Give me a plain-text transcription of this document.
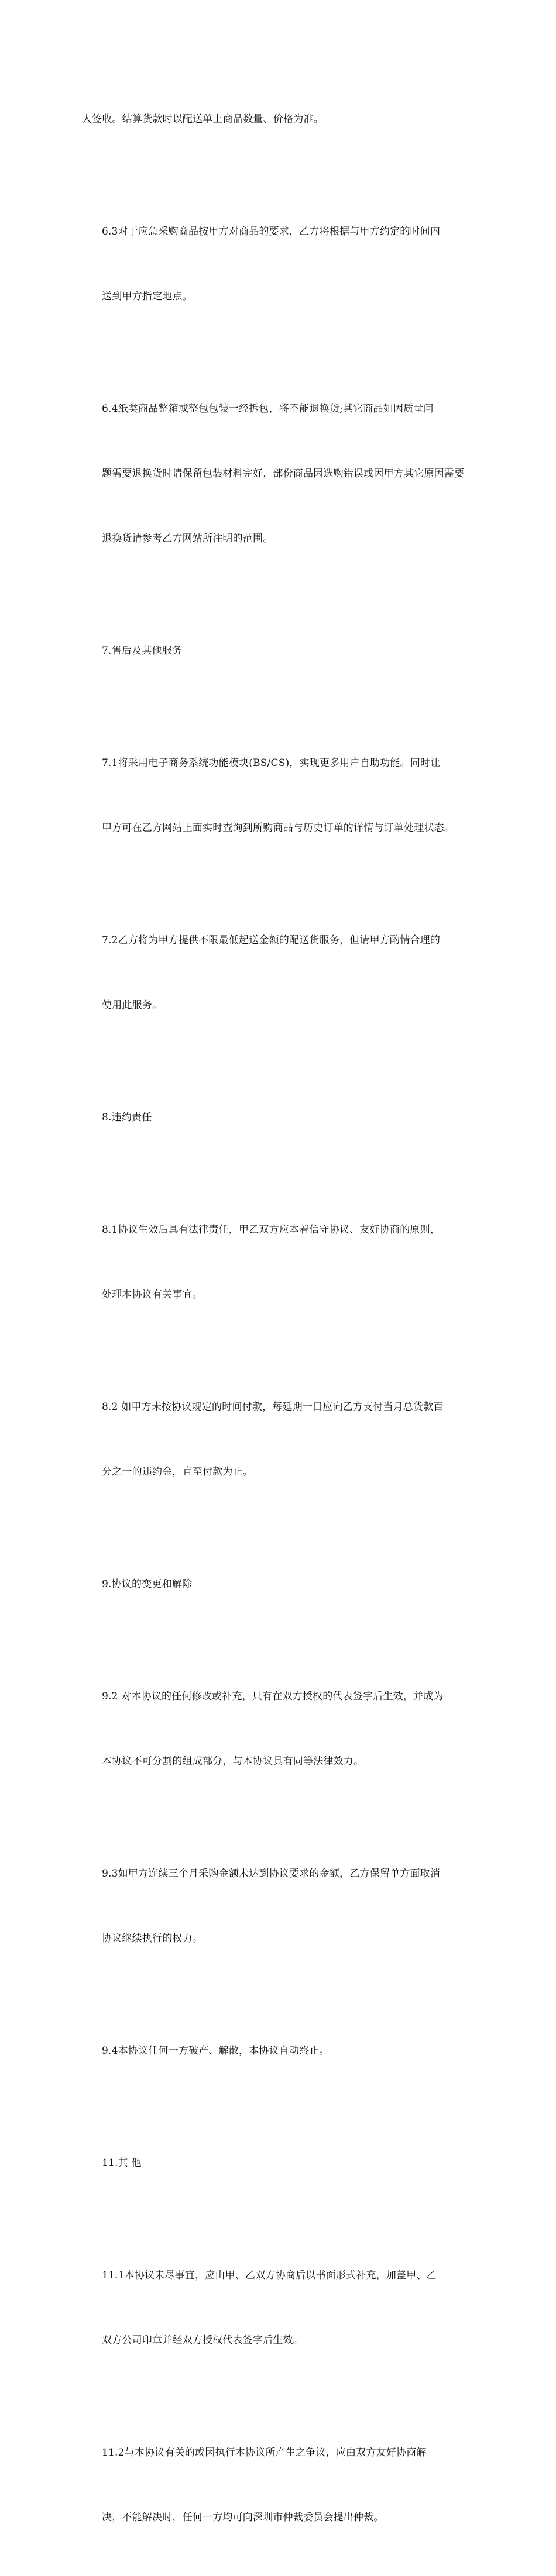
人签收。结算货款时以配送单上商品数量、价格为准。

6.3对于应急采购商品按甲方对商品的要求，乙方将根据与甲方约定的时间内

送到甲方指定地点。

6.4纸类商品整箱或整包包装一经拆包，将不能退换货;其它商品如因质量问

题需要退换货时请保留包装材料完好，部份商品因选购错误或因甲方其它原因需要

退换货请参考乙方网站所注明的范围。

7.售后及其他服务

7.1将采用电子商务系统功能模块(BS/CS)，实现更多用户自助功能。同时让

甲方可在乙方网站上面实时查询到所购商品与历史订单的详情与订单处理状态。

7.2乙方将为甲方提供不限最低起送金额的配送货服务，但请甲方酌情合理的

使用此服务。

8.违约责任

8.1协议生效后具有法律责任，甲乙双方应本着信守协议、友好协商的原则，

处理本协议有关事宜。

8.2 如甲方未按协议规定的时间付款，每延期一日应向乙方支付当月总货款百

分之一的违约金，直至付款为止。

9.协议的变更和解除

9.2 对本协议的任何修改或补充，只有在双方授权的代表签字后生效，并成为

本协议不可分割的组成部分，与本协议具有同等法律效力。

9.3如甲方连续三个月采购金额未达到协议要求的金额，乙方保留单方面取消

协议继续执行的权力。

9.4本协议任何一方破产、解散，本协议自动终止。

11.其 他

11.1本协议未尽事宜，应由甲、乙双方协商后以书面形式补充，加盖甲、乙

双方公司印章并经双方授权代表签字后生效。

11.2与本协议有关的或因执行本协议所产生之争议，应由双方友好协商解

决，不能解决时，任何一方均可向深圳市仲裁委员会提出仲裁。
